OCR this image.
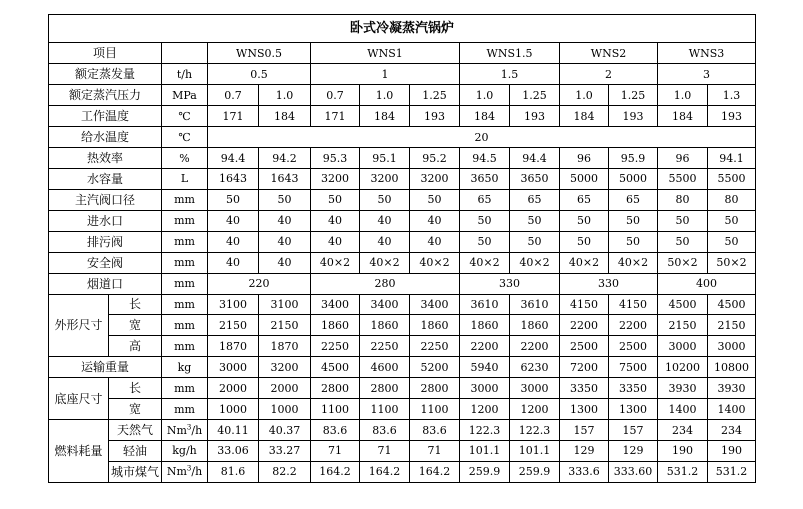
卧式冷凝蒸汽锅炉													
项目			WNS0.5		WNS1			WNS1.5		WNS2		WNS3	
额定蒸发量		t/h	0.5		1			1.5		2		3	
额定蒸汽压力		MPa	0.7	1.0	0.7	1.0	1.25	1.0	1.25	1.0	1.25	1.0	1.3
工作温度		℃	171	184	171	184	193	184	193	184	193	184	193
给水温度		℃	20										
热效率		%	94.4	94.2	95.3	95.1	95.2	94.5	94.4	96	95.9	96	94.1
水容量		L	1643	1643	3200	3200	3200	3650	3650	5000	5000	5500	5500
主汽阀口径		mm	50	50	50	50	50	65	65	65	65	80	80
进水口		mm	40	40	40	40	40	50	50	50	50	50	50
排污阀		mm	40	40	40	40	40	50	50	50	50	50	50
安全阀		mm	40	40	40×2	40×2	40×2	40×2	40×2	40×2	40×2	50×2	50×2
烟道口		mm	220		280			330		330		400	
外形尺寸	长	mm	3100	3100	3400	3400	3400	3610	3610	4150	4150	4500	4500
	宽	mm	2150	2150	1860	1860	1860	1860	1860	2200	2200	2150	2150
	高	mm	1870	1870	2250	2250	2250	2200	2200	2500	2500	3000	3000
运输重量		kg	3000	3200	4500	4600	5200	5940	6230	7200	7500	10200	10800
底座尺寸	长	mm	2000	2000	2800	2800	2800	3000	3000	3350	3350	3930	3930
	宽	mm	1000	1000	1100	1100	1100	1200	1200	1300	1300	1400	1400
燃料耗量	天然气	Nm$^3$/h	40.11	40.37	83.6	83.6	83.6	122.3	122.3	157	157	234	234
	轻油	kg/h	33.06	33.27	71	71	71	101.1	101.1	129	129	190	190
	城市煤气	Nm$^3$/h	81.6	82.2	164.2	164.2	164.2	259.9	259.9	333.6	333.60	531.2	531.2
